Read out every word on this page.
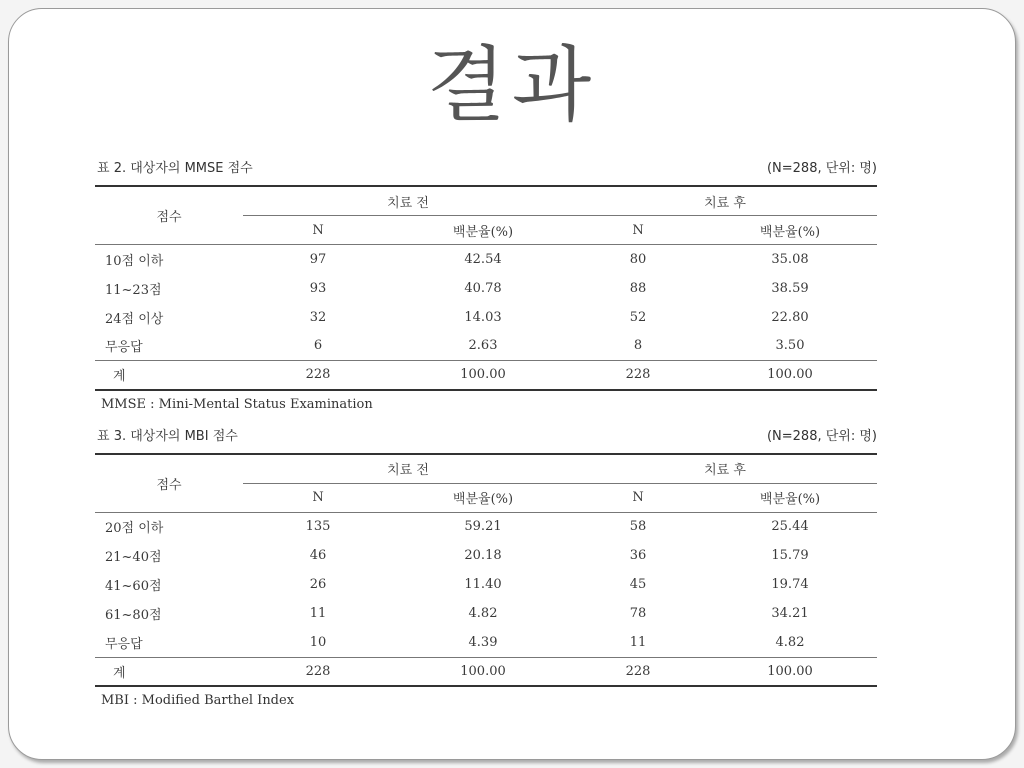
결과
표 2. 대상자의 MMSE 점수	(N=288, 단위: 명)
점수	치료 전		치료 후	
	N	백분율(%)	N	백분율(%)
10점 이하	97	42.54	80	35.08
11~23점	93	40.78	88	38.59
24점 이상	32	14.03	52	22.80
무응답	6	2.63	8	3.50
계	228	100.00	228	100.00
MMSE : Mini-Mental Status Examination
표 3. 대상자의 MBI 점수	(N=288, 단위: 명)
점수	치료 전		치료 후	
	N	백분율(%)	N	백분율(%)
20점 이하	135	59.21	58	25.44
21~40점	46	20.18	36	15.79
41~60점	26	11.40	45	19.74
61~80점	11	4.82	78	34.21
무응답	10	4.39	11	4.82
계	228	100.00	228	100.00
MBI : Modified Barthel Index
